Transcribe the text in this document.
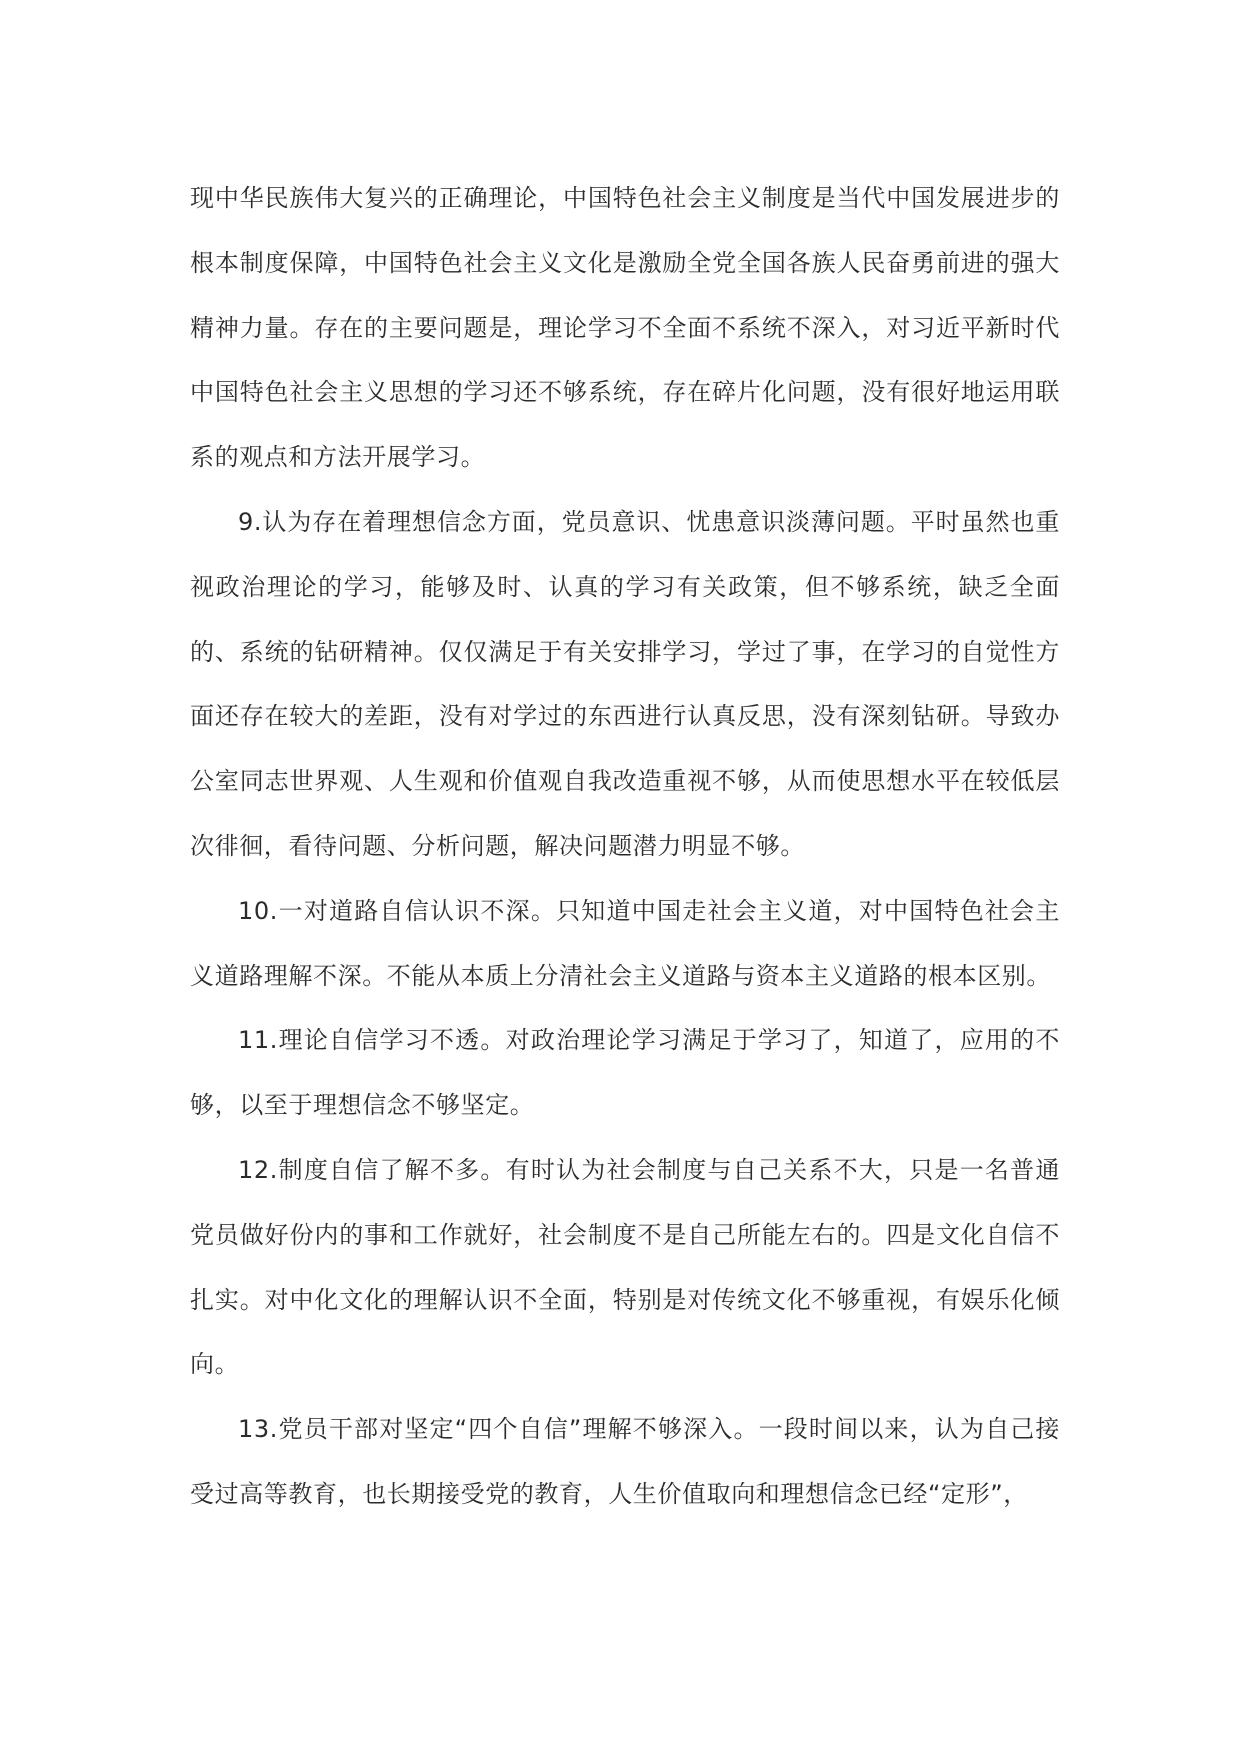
现中华民族伟大复兴的正确理论，中国特色社会主义制度是当代中国发展进步的根本制度保障，中国特色社会主义文化是激励全党全国各族人民奋勇前进的强大精神力量。存在的主要问题是，理论学习不全面不系统不深入，对习近平新时代中国特色社会主义思想的学习还不够系统，存在碎片化问题，没有很好地运用联系的观点和方法开展学习。

9.认为存在着理想信念方面，党员意识、忧患意识淡薄问题。平时虽然也重视政治理论的学习，能够及时、认真的学习有关政策，但不够系统，缺乏全面的、系统的钻研精神。仅仅满足于有关安排学习，学过了事，在学习的自觉性方面还存在较大的差距，没有对学过的东西进行认真反思，没有深刻钻研。导致办公室同志世界观、人生观和价值观自我改造重视不够，从而使思想水平在较低层次徘徊，看待问题、分析问题，解决问题潜力明显不够。

10.一对道路自信认识不深。只知道中国走社会主义道，对中国特色社会主义道路理解不深。不能从本质上分清社会主义道路与资本主义道路的根本区别。

11.理论自信学习不透。对政治理论学习满足于学习了，知道了，应用的不够，以至于理想信念不够坚定。

12.制度自信了解不多。有时认为社会制度与自己关系不大，只是一名普通党员做好份内的事和工作就好，社会制度不是自己所能左右的。四是文化自信不扎实。对中化文化的理解认识不全面，特别是对传统文化不够重视，有娱乐化倾向。

13.党员干部对坚定“四个自信”理解不够深入。一段时间以来，认为自己接受过高等教育，也长期接受党的教育，人生价值取向和理想信念已经“定形”，
